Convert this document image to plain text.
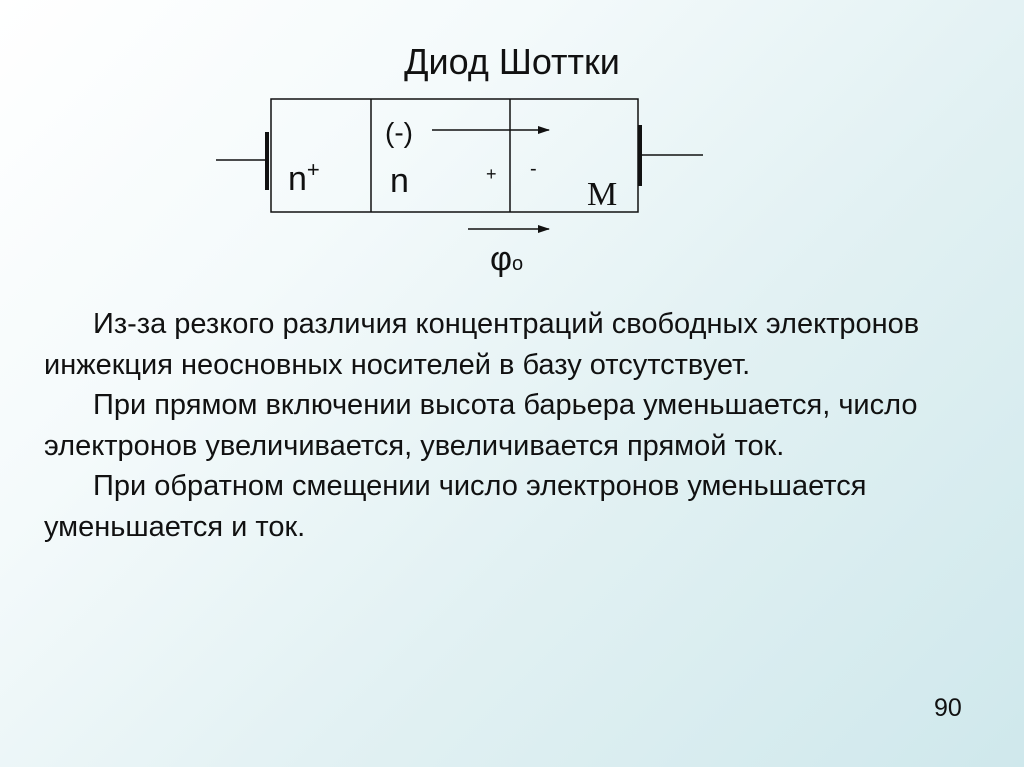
Диод Шоттки
n+ n	M
(-)
+ -
φo

Из-за резкого различия концентраций свободных электронов инжекция неосновных носителей в базу отсутствует.

При прямом включении высота барьера уменьшается, число электронов увеличивается, увеличивается прямой ток.

При обратном смещении число электронов уменьшается уменьшается и ток.

90
